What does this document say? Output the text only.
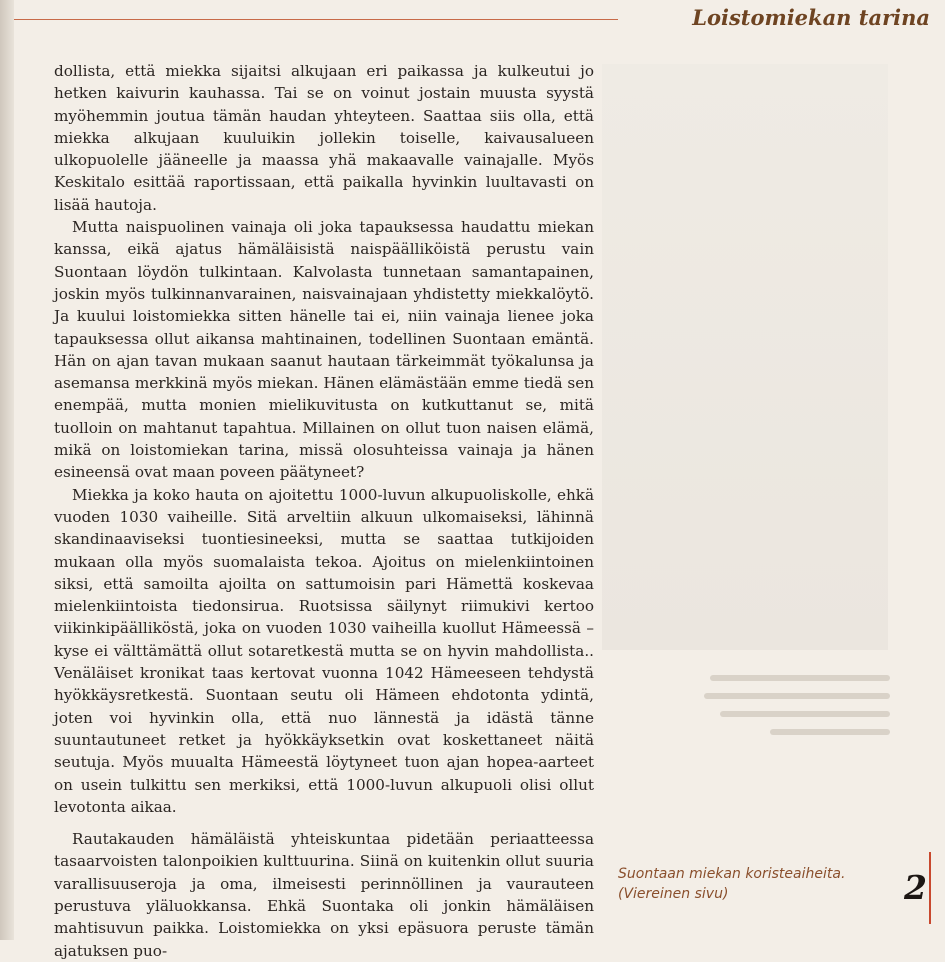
Loistomiekan tarina

dollista, että miekka sijaitsi alkujaan eri paikassa ja kulkeutui jo hetken kaivurin kauhassa. Tai se on voinut jostain muusta syystä myöhemmin joutua tämän haudan yhteyteen. Saattaa siis olla, että miekka alkujaan kuuluikin jollekin toiselle, kaivausalueen ulkopuolelle jääneelle ja maassa yhä makaavalle vainajalle. Myös Keskitalo esittää raportissaan, että paikalla hyvinkin luultavasti on lisää hautoja.

Mutta naispuolinen vainaja oli joka tapauksessa haudattu miekan kanssa, eikä ajatus hämäläisistä naispäälliköistä perustu vain Suontaan löydön tulkintaan. Kalvolasta tunnetaan samantapainen, joskin myös tulkinnanvarainen, naisvainajaan yhdistetty miekkalöytö. Ja kuului loistomiekka sitten hänelle tai ei, niin vainaja lienee joka tapauksessa ollut aikansa mahtinainen, todellinen Suontaan emäntä. Hän on ajan tavan mukaan saanut hautaan tärkeimmät työkalunsa ja asemansa merkkinä myös miekan. Hänen elämästään emme tiedä sen enempää, mutta monien mielikuvitusta on kutkuttanut se, mitä tuolloin on mahtanut tapahtua. Millainen on ollut tuon naisen elämä, mikä on loistomiekan tarina, missä olosuhteissa vainaja ja hänen esineensä ovat maan poveen päätyneet?

Miekka ja koko hauta on ajoitettu 1000-luvun alkupuoliskolle, ehkä vuoden 1030 vaiheille. Sitä arveltiin alkuun ulkomaiseksi, lähinnä skandinaaviseksi tuontiesineeksi, mutta se saattaa tutkijoiden mukaan olla myös suomalaista tekoa. Ajoitus on mielenkiintoinen siksi, että samoilta ajoilta on sattumoisin pari Hämettä koskevaa mielenkiintoista tiedonsirua. Ruotsissa säilynyt riimukivi kertoo viikinkipäälliköstä, joka on vuoden 1030 vaiheilla kuollut Hämeessä – kyse ei välttämättä ollut sotaretkestä mutta se on hyvin mahdollista.. Venäläiset kronikat taas kertovat vuonna 1042 Hämeeseen tehdystä hyökkäysretkestä. Suontaan seutu oli Hämeen ehdotonta ydintä, joten voi hyvinkin olla, että nuo lännestä ja idästä tänne suuntautuneet retket ja hyökkäyksetkin ovat koskettaneet näitä seutuja. Myös muualta Hämeestä löytyneet tuon ajan hopea-aarteet on usein tulkittu sen merkiksi, että 1000-luvun alkupuoli olisi ollut levotonta aikaa.

Rautakauden hämäläistä yhteiskuntaa pidetään periaatteessa tasaarvoisten talonpoikien kulttuurina. Siinä on kuitenkin ollut suuria varallisuuseroja ja oma, ilmeisesti perinnöllinen ja vaurauteen perustuva yläluokkansa. Ehkä Suontaka oli jonkin hämäläisen mahtisuvun paikka. Loistomiekka on yksi epäsuora peruste tämän ajatuksen puo-

Suontaan miekan koristeaiheita.
(Viereinen sivu)	2
